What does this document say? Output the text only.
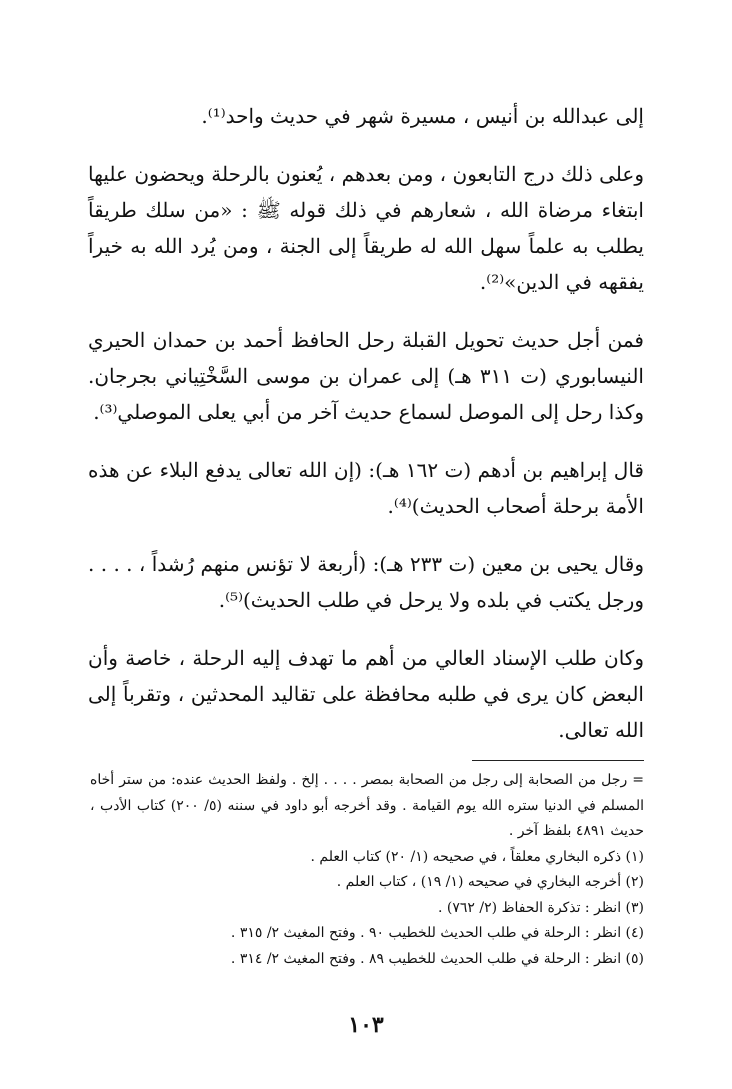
إلى عبدالله بن أنيس ، مسيرة شهر في حديث واحد⁽¹⁾.

وعلى ذلك درج التابعون ، ومن بعدهم ، يُعنون بالرحلة ويحضون عليها ابتغاء مرضاة الله ، شعارهم في ذلك قوله ﷺ : «من سلك طريقاً يطلب به علماً سهل الله له طريقاً إلى الجنة ، ومن يُرد الله به خيراً يفقهه في الدين»⁽²⁾.

فمن أجل حديث تحويل القبلة رحل الحافظ أحمد بن حمدان الحيري النيسابوري (ت ٣١١ هـ) إلى عمران بن موسى السَّخْتِياني بجرجان. وكذا رحل إلى الموصل لسماع حديث آخر من أبي يعلى الموصلي⁽³⁾.

قال إبراهيم بن أدهم (ت ١٦٢ هـ): (إن الله تعالى يدفع البلاء عن هذه الأمة برحلة أصحاب الحديث)⁽⁴⁾.

وقال يحيى بن معين (ت ٢٣٣ هـ): (أربعة لا تؤنس منهم رُشداً ، . . . . ورجل يكتب في بلده ولا يرحل في طلب الحديث)⁽⁵⁾.

وكان طلب الإسناد العالي من أهم ما تهدف إليه الرحلة ، خاصة وأن البعض كان يرى في طلبه محافظة على تقاليد المحدثين ، وتقرباً إلى الله تعالى.

= رجل من الصحابة إلى رجل من الصحابة بمصر . . . . إلخ . ولفظ الحديث عنده: من ستر أخاه المسلم في الدنيا ستره الله يوم القيامة . وقد أخرجه أبو داود في سننه (٥/ ٢٠٠) كتاب الأدب ، حديث ٤٨٩١ بلفظ آخر .

(١) ذكره البخاري معلقاً ، في صحيحه (١/ ٢٠) كتاب العلم .

(٢) أخرجه البخاري في صحيحه (١/ ١٩) ، كتاب العلم .

(٣) انظر : تذكرة الحفاظ (٢/ ٧٦٢) .

(٤) انظر : الرحلة في طلب الحديث للخطيب ٩٠ . وفتح المغيث ٢/ ٣١٥ .

(٥) انظر : الرحلة في طلب الحديث للخطيب ٨٩ . وفتح المغيث ٢/ ٣١٤ .

١٠٣
